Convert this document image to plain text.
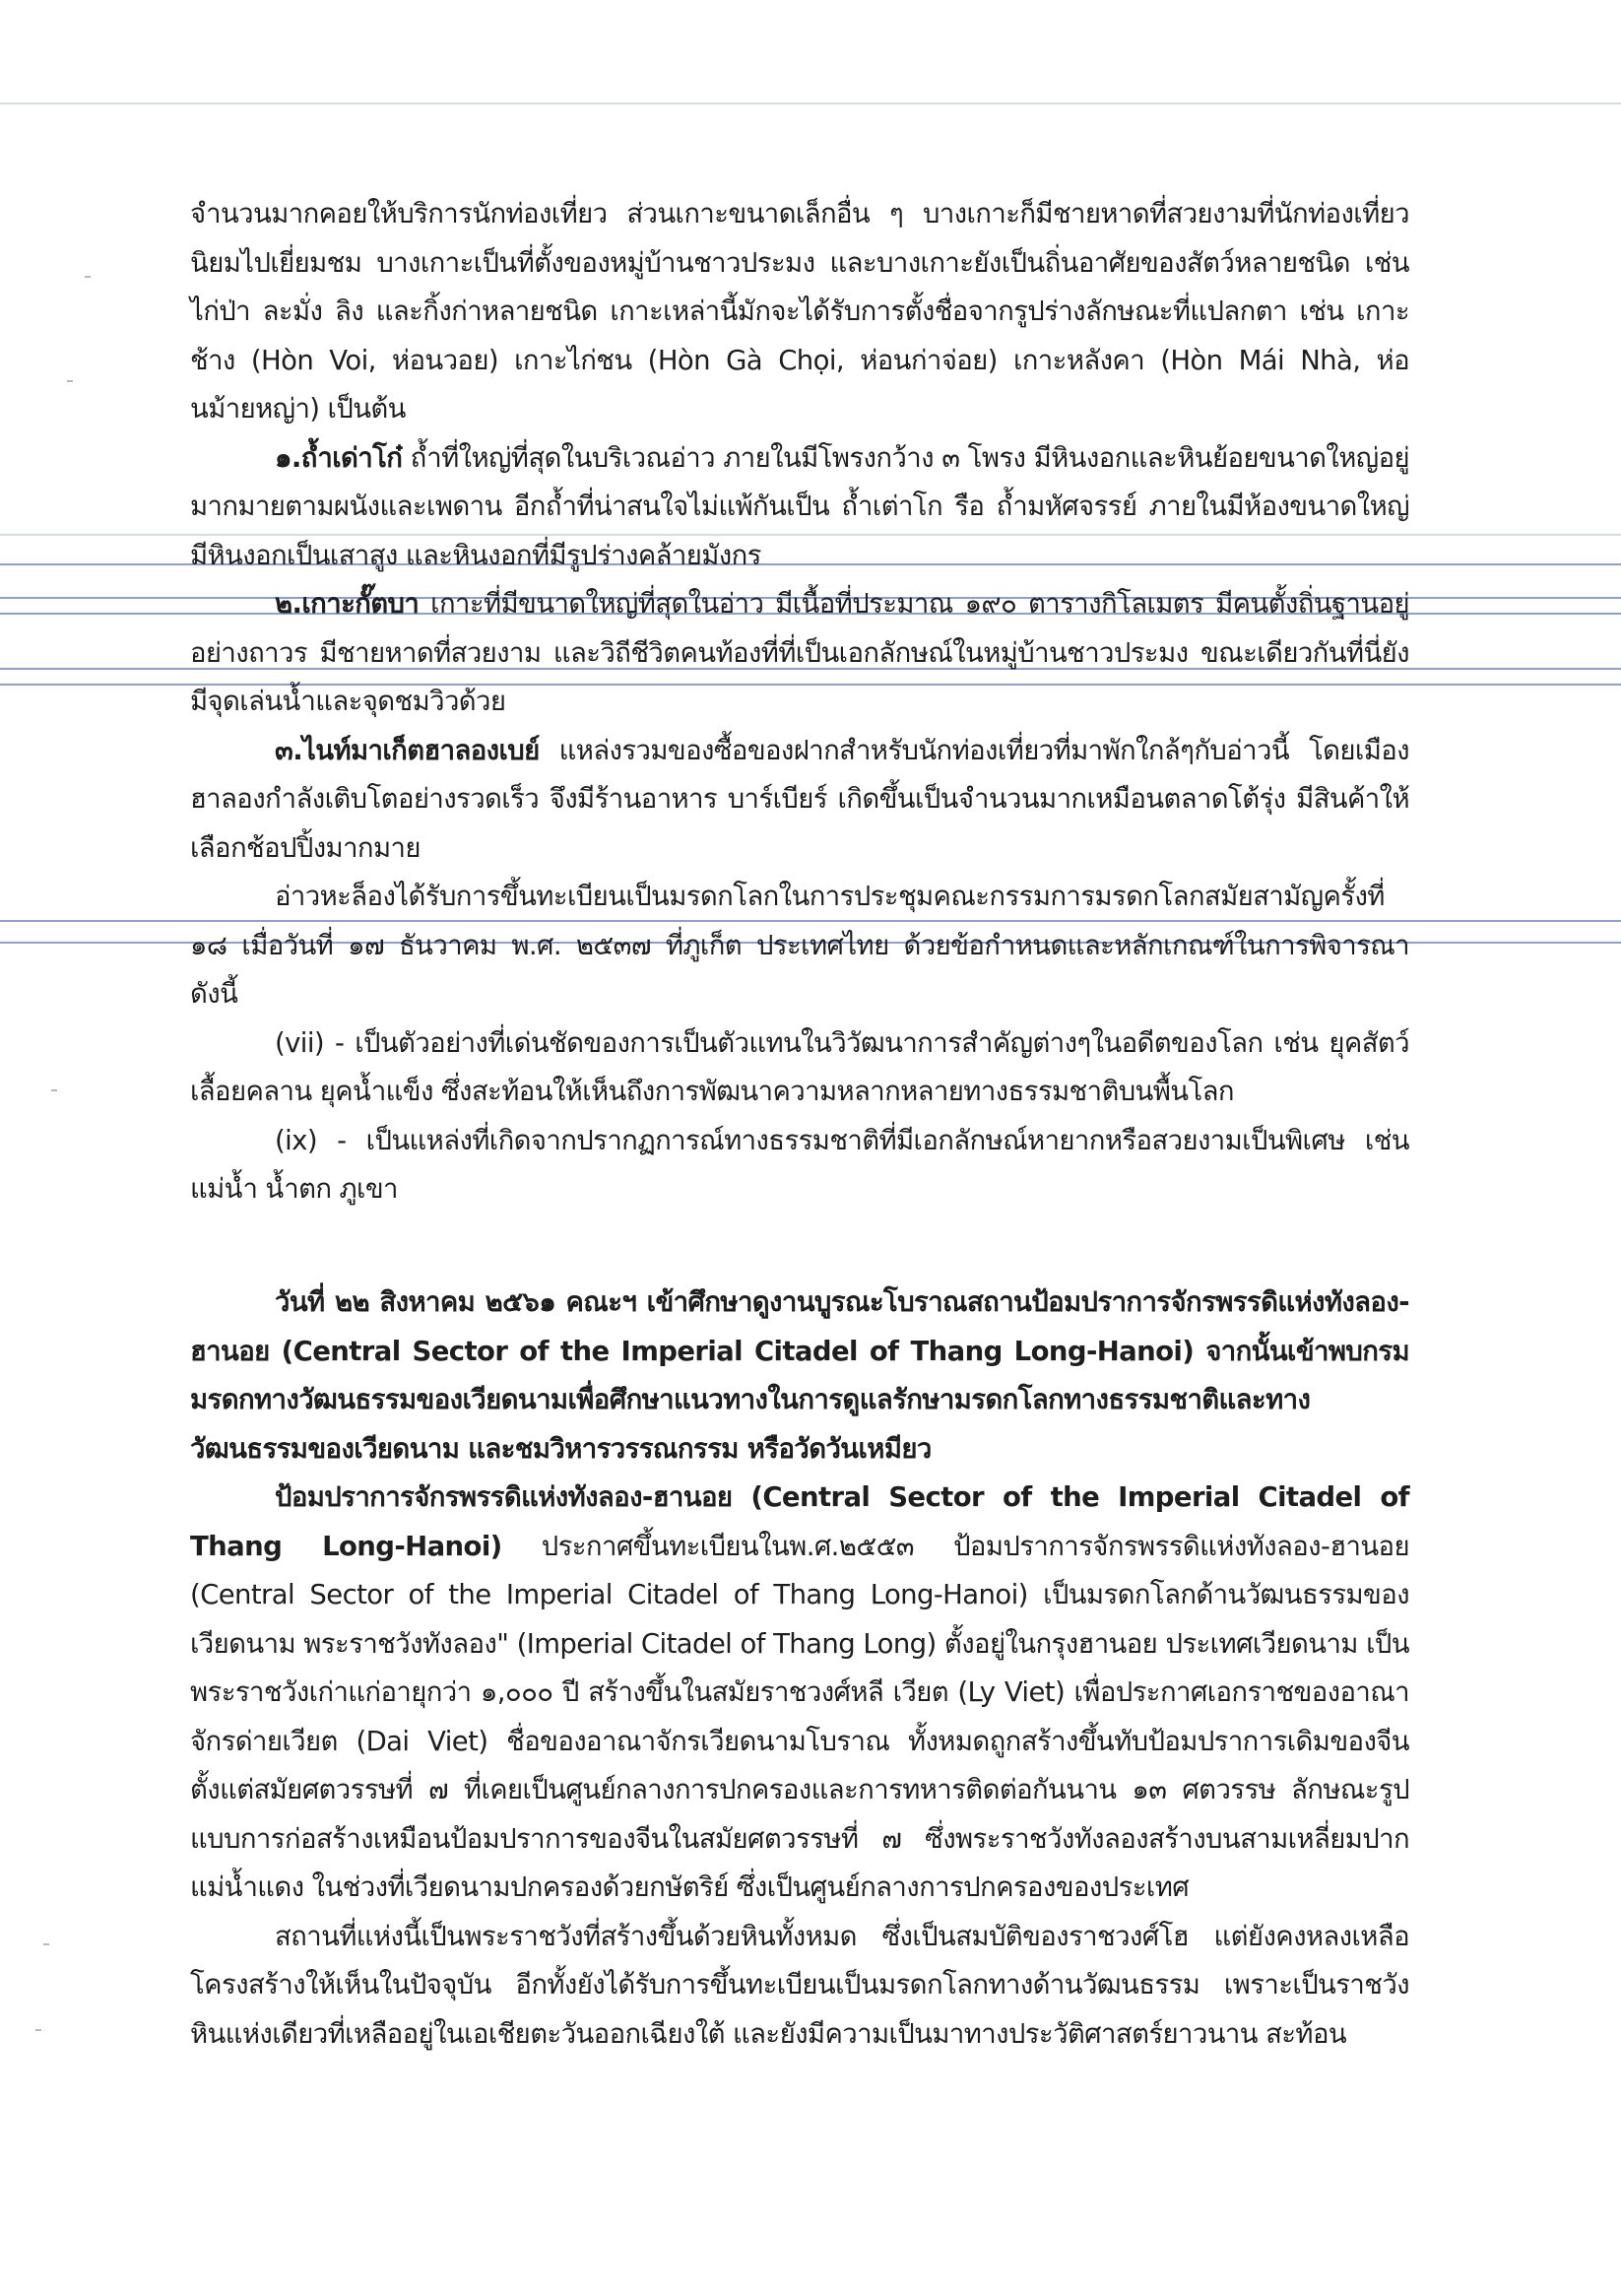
จำนวนมากคอยให้บริการนักท่องเที่ยว ส่วนเกาะขนาดเล็กอื่น ๆ บางเกาะก็มีชายหาดที่สวยงามที่นักท่องเที่ยวนิยมไปเยี่ยมชม บางเกาะเป็นที่ตั้งของหมู่บ้านชาวประมง และบางเกาะยังเป็นถิ่นอาศัยของสัตว์หลายชนิด เช่น ไก่ป่า ละมั่ง ลิง และกิ้งก่าหลายชนิด เกาะเหล่านี้มักจะได้รับการตั้งชื่อจากรูปร่างลักษณะที่แปลกตา เช่น เกาะช้าง (Hòn Voi, ห่อนวอย) เกาะไก่ชน (Hòn Gà Chọi, ห่อนก่าจ่อย) เกาะหลังคา (Hòn Mái Nhà, ห่อนม้ายหญ่า) เป็นต้น

๑.ถ้ำเด่าโก๋ ถ้ำที่ใหญ่ที่สุดในบริเวณอ่าว ภายในมีโพรงกว้าง ๓ โพรง มีหินงอกและหินย้อยขนาดใหญ่อยู่มากมายตามผนังและเพดาน อีกถ้ำที่น่าสนใจไม่แพ้กันเป็น ถ้ำเต่าโก รือ ถ้ำมหัศจรรย์ ภายในมีห้องขนาดใหญ่ มีหินงอกเป็นเสาสูง และหินงอกที่มีรูปร่างคล้ายมังกร

๒.เกาะกั๊ตบา เกาะที่มีขนาดใหญ่ที่สุดในอ่าว มีเนื้อที่ประมาณ ๑๙๐ ตารางกิโลเมตร มีคนตั้งถิ่นฐานอยู่อย่างถาวร มีชายหาดที่สวยงาม และวิถีชีวิตคนท้องที่ที่เป็นเอกลักษณ์ในหมู่บ้านชาวประมง ขณะเดียวกันที่นี่ยังมีจุดเล่นน้ำและจุดชมวิวด้วย

๓.ไนท์มาเก็ตฮาลองเบย์ แหล่งรวมของซื้อของฝากสำหรับนักท่องเที่ยวที่มาพักใกล้ๆกับอ่าวนี้ โดยเมืองฮาลองกำลังเติบโตอย่างรวดเร็ว จึงมีร้านอาหาร บาร์เบียร์ เกิดขึ้นเป็นจำนวนมากเหมือนตลาดโต้รุ่ง มีสินค้าให้เลือกช้อปปิ้งมากมาย

อ่าวหะล็องได้รับการขึ้นทะเบียนเป็นมรดกโลกในการประชุมคณะกรรมการมรดกโลกสมัยสามัญครั้งที่ ๑๘ เมื่อวันที่ ๑๗ ธันวาคม พ.ศ. ๒๕๓๗ ที่ภูเก็ต ประเทศไทย ด้วยข้อกำหนดและหลักเกณฑ์ในการพิจารณา ดังนี้

(vii) - เป็นตัวอย่างที่เด่นชัดของการเป็นตัวแทนในวิวัฒนาการสำคัญต่างๆในอดีตของโลก เช่น ยุคสัตว์เลื้อยคลาน ยุคน้ำแข็ง ซึ่งสะท้อนให้เห็นถึงการพัฒนาความหลากหลายทางธรรมชาติบนพื้นโลก

(ix) - เป็นแหล่งที่เกิดจากปรากฏการณ์ทางธรรมชาติที่มีเอกลักษณ์หายากหรือสวยงามเป็นพิเศษ เช่น แม่น้ำ น้ำตก ภูเขา

วันที่ ๒๒ สิงหาคม ๒๕๖๑ คณะฯ เข้าศึกษาดูงานบูรณะโบราณสถานป้อมปราการจักรพรรดิแห่งทังลอง-ฮานอย (Central Sector of the Imperial Citadel of Thang Long-Hanoi) จากนั้นเข้าพบกรมมรดกทางวัฒนธรรมของเวียดนามเพื่อศึกษาแนวทางในการดูแลรักษามรดกโลกทางธรรมชาติและทางวัฒนธรรมของเวียดนาม และชมวิหารวรรณกรรม หรือวัดวันเหมียว

ป้อมปราการจักรพรรดิแห่งทังลอง-ฮานอย (Central Sector of the Imperial Citadel of Thang Long-Hanoi) ประกาศขึ้นทะเบียนในพ.ศ.๒๕๕๓ ป้อมปราการจักรพรรดิแห่งทังลอง-ฮานอย (Central Sector of the Imperial Citadel of Thang Long-Hanoi) เป็นมรดกโลกด้านวัฒนธรรมของเวียดนาม พระราชวังทังลอง" (Imperial Citadel of Thang Long) ตั้งอยู่ในกรุงฮานอย ประเทศเวียดนาม เป็นพระราชวังเก่าแก่อายุกว่า ๑,๐๐๐ ปี สร้างขึ้นในสมัยราชวงศ์หลี เวียต (Ly Viet) เพื่อประกาศเอกราชของอาณาจักรด่ายเวียต (Dai Viet) ชื่อของอาณาจักรเวียดนามโบราณ ทั้งหมดถูกสร้างขึ้นทับป้อมปราการเดิมของจีนตั้งแต่สมัยศตวรรษที่ ๗ ที่เคยเป็นศูนย์กลางการปกครองและการทหารติดต่อกันนาน ๑๓ ศตวรรษ ลักษณะรูปแบบการก่อสร้างเหมือนป้อมปราการของจีนในสมัยศตวรรษที่ ๗ ซึ่งพระราชวังทังลองสร้างบนสามเหลี่ยมปากแม่น้ำแดง ในช่วงที่เวียดนามปกครองด้วยกษัตริย์ ซึ่งเป็นศูนย์กลางการปกครองของประเทศ

สถานที่แห่งนี้เป็นพระราชวังที่สร้างขึ้นด้วยหินทั้งหมด ซึ่งเป็นสมบัติของราชวงศ์โฮ แต่ยังคงหลงเหลือโครงสร้างให้เห็นในปัจจุบัน อีกทั้งยังได้รับการขึ้นทะเบียนเป็นมรดกโลกทางด้านวัฒนธรรม เพราะเป็นราชวังหินแห่งเดียวที่เหลืออยู่ในเอเชียตะวันออกเฉียงใต้ และยังมีความเป็นมาทางประวัติศาสตร์ยาวนาน สะท้อน
